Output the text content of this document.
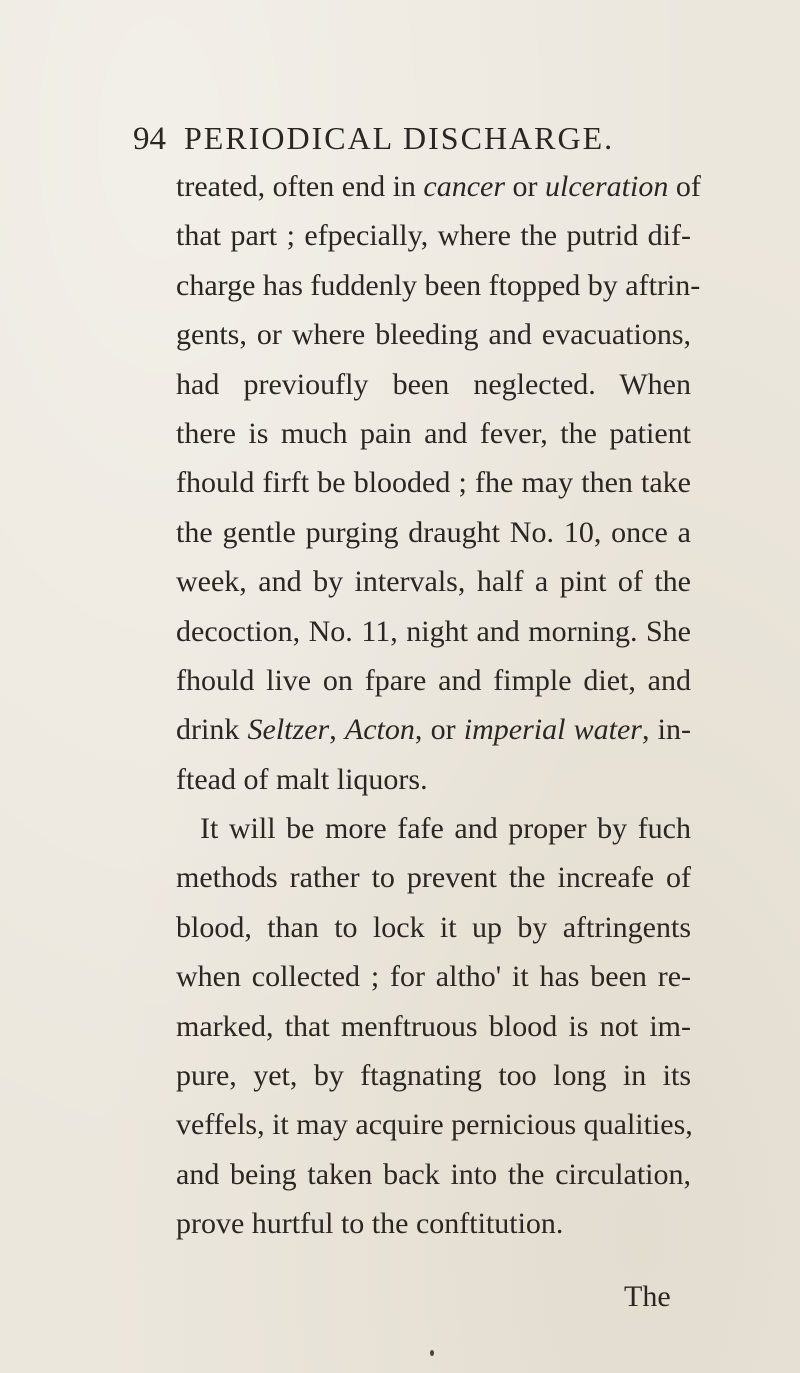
94 PERIODICAL DISCHARGE.
treated, often end in cancer or ulceration of
that part ; efpecially, where the putrid dif-
charge has fuddenly been ftopped by aftrin-
gents, or where bleeding and evacuations,
had previoufly been neglected. When
there is much pain and fever, the patient
fhould firft be blooded ; fhe may then take
the gentle purging draught No. 10, once a
week, and by intervals, half a pint of the
decoction, No. 11, night and morning. She
fhould live on fpare and fimple diet, and
drink Seltzer, Acton, or imperial water, in-
ftead of malt liquors.
It will be more fafe and proper by fuch
methods rather to prevent the increafe of
blood, than to lock it up by aftringents
when collected ; for altho' it has been re-
marked, that menftruous blood is not im-
pure, yet, by ftagnating too long in its
veffels, it may acquire pernicious qualities,
and being taken back into the circulation,
prove hurtful to the conftitution.
The
